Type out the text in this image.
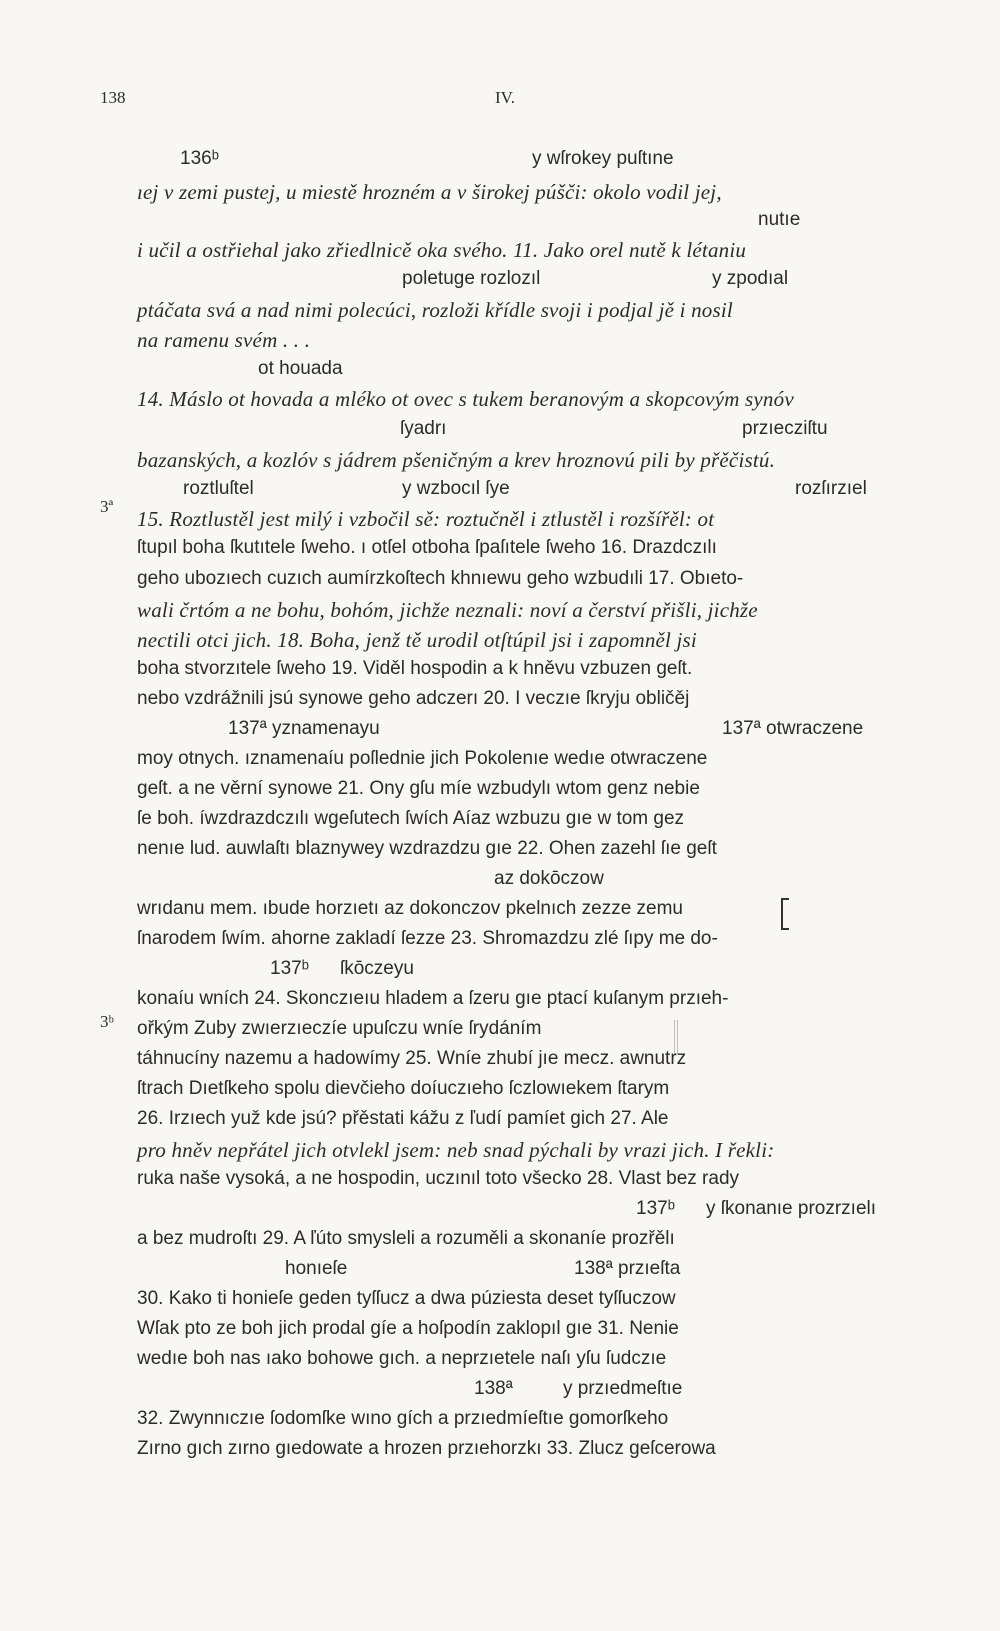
138	IV.
3ª
3ᵇ
136ᵇ	y wſrokey puſtıne
ıej v zemi pustej, u miestě hrozném a v širokej púšči: okolo vodil jej,
nutıe
i učil a ostřiehal jako zřiedlnicě oka svého. 11. Jako orel nutě k létaniu
poletuge rozlozıl	y zpodıal
ptáčata svá a nad nimi polecúci, rozloži křídle svoji i podjal jě i nosil
na ramenu svém . . .
ot houada
14. Máslo ot hovada a mléko ot ovec s tukem beranovým a skopcovým synóv
ſyadrı	przıecziſtu
bazanských, a kozlóv s jádrem pšeničným a krev hroznovú pili by přěčistú.
roztluſtel	y wzbocıl ſye	rozſırzıel
15. Roztlustěl jest milý i vzbočil sě: roztučněl i ztlustěl i rozšířěl: ot
ſtupıl boha ſkutıtele ſweho. ı otſel otboha ſpaſıtele ſweho 16. Drazdczılı
geho ubozıech cuzıch aumírzkoſtech khnıewu geho wzbudıli 17. Obıeto-
wali črtóm a ne bohu, bohóm, jichže neznali: noví a čerství přišli, jichže
nectili otci jich. 18. Boha, jenž tě urodil otſtúpil jsi i zapomněl jsi
boha stvorzıtele ſweho 19. Viděl hospodin a k hněvu vzbuzen geſt.
nebo vzdrážnili jsú synowe geho adczerı 20. I veczıe ſkryju obličěj
137ª yznamenayu	137ª otwraczene
moy otnych. ıznamenaíu poſlednie jich Pokolenıe wedıe otwraczene
geſt. a ne věrní synowe 21. Ony gſu míe wzbudylı wtom genz nebie
ſe boh. íwzdrazdczılı wgeſutech ſwích Aíaz wzbuzu gıe w tom gez
nenıe lud. auwlaſtı blaznywey wzdrazdzu gıe 22. Ohen zazehl ſıe geſt
az dokōczow
wrıdanu mem. ıbude horzıetı az dokonczov pkelnıch zezze zemu
ſnarodem ſwím. ahorne zakladí ſezze 23. Shromazdzu zlé ſıpy me do-
137ᵇ ſkōczeyu
konaíu wních 24. Skonczıeıu hladem a ſzeru gıe ptací kuſanym przıeh-
ořkým Zuby zwıerzıeczíe upuſczu wníe ſrydáním
táhnucíny nazemu a hadowímy 25. Wníe zhubí jıe mecz. awnutrz
ſtrach Dıetſkeho spolu dievčieho doíuczıeho ſczlowıekem ſtarym
26. Irzıech yuž kde jsú? přěstati kážu z ľudí pamíet gich 27. Ale
pro hněv nepřátel jich otvlekl jsem: neb snad pýchali by vrazi jich. I řekli:
ruka naše vysoká, a ne hospodin, uczınıl toto všecko 28. Vlast bez rady
137ᵇ y ſkonanıe prozrzıelı
a bez mudroſtı 29. A ľúto smysleli a rozuměli a skonaníe prozřělı
honıeſe	138ª przıeſta
30. Kako ti honieſe geden tyſſucz a dwa púziesta deset tyſſuczow
Wſak pto ze boh jich prodal gíe a hoſpodín zaklopıl gıe 31. Nenie
wedıe boh nas ıako bohowe gıch. a neprzıetele naſı yſu ſudczıe
138ª	y przıedmeſtıe
32. Zwynnıczıe ſodomſke wıno gích a przıedmíeſtıe gomorſkeho
Zırno gıch zırno gıedowate a hrozen przıehorzkı 33. Zlucz geſcerowa
